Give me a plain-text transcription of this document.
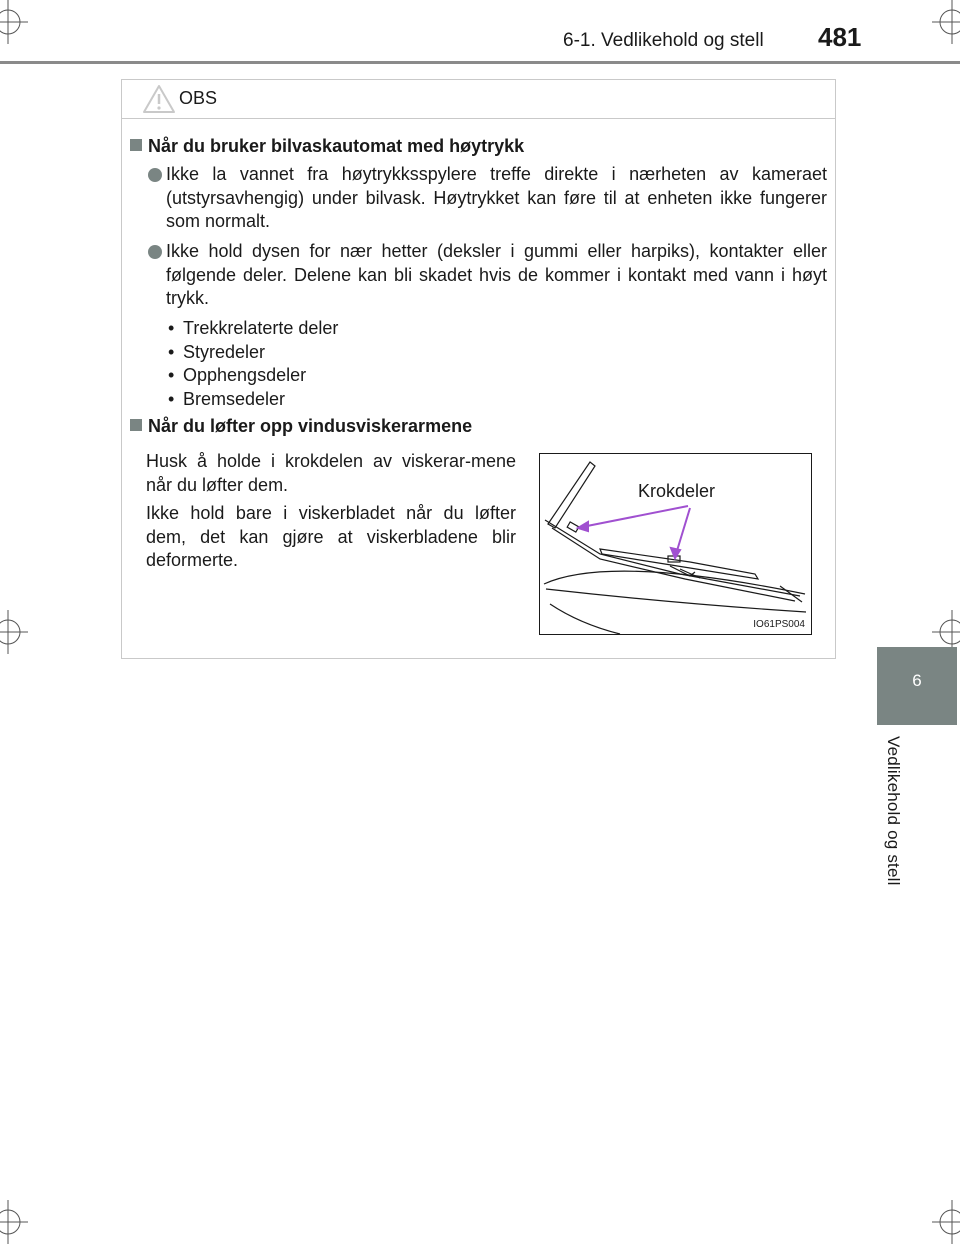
6-1. Vedlikehold og stell 481
6
Vedlikehold og stell
OBS
Når du bruker bilvaskautomat med høytrykk
Ikke la vannet fra høytrykksspylere treffe direkte i nærheten av kameraet (utstyrsavhengig) under bilvask. Høytrykket kan føre til at enheten ikke fungerer som normalt.
Ikke hold dysen for nær hetter (deksler i gummi eller harpiks), kontakter eller følgende deler. Delene kan bli skadet hvis de kommer i kontakt med vann i høyt trykk.
• Trekkrelaterte deler
• Styredeler
• Opphengsdeler
• Bremsedeler
Når du løfter opp vindusviskerarmene
Husk å holde i krokdelen av viskerar-mene når du løfter dem.
Ikke hold bare i viskerbladet når du løfter dem, det kan gjøre at viskerbladene blir deformerte.
Krokdeler
IO61PS004
